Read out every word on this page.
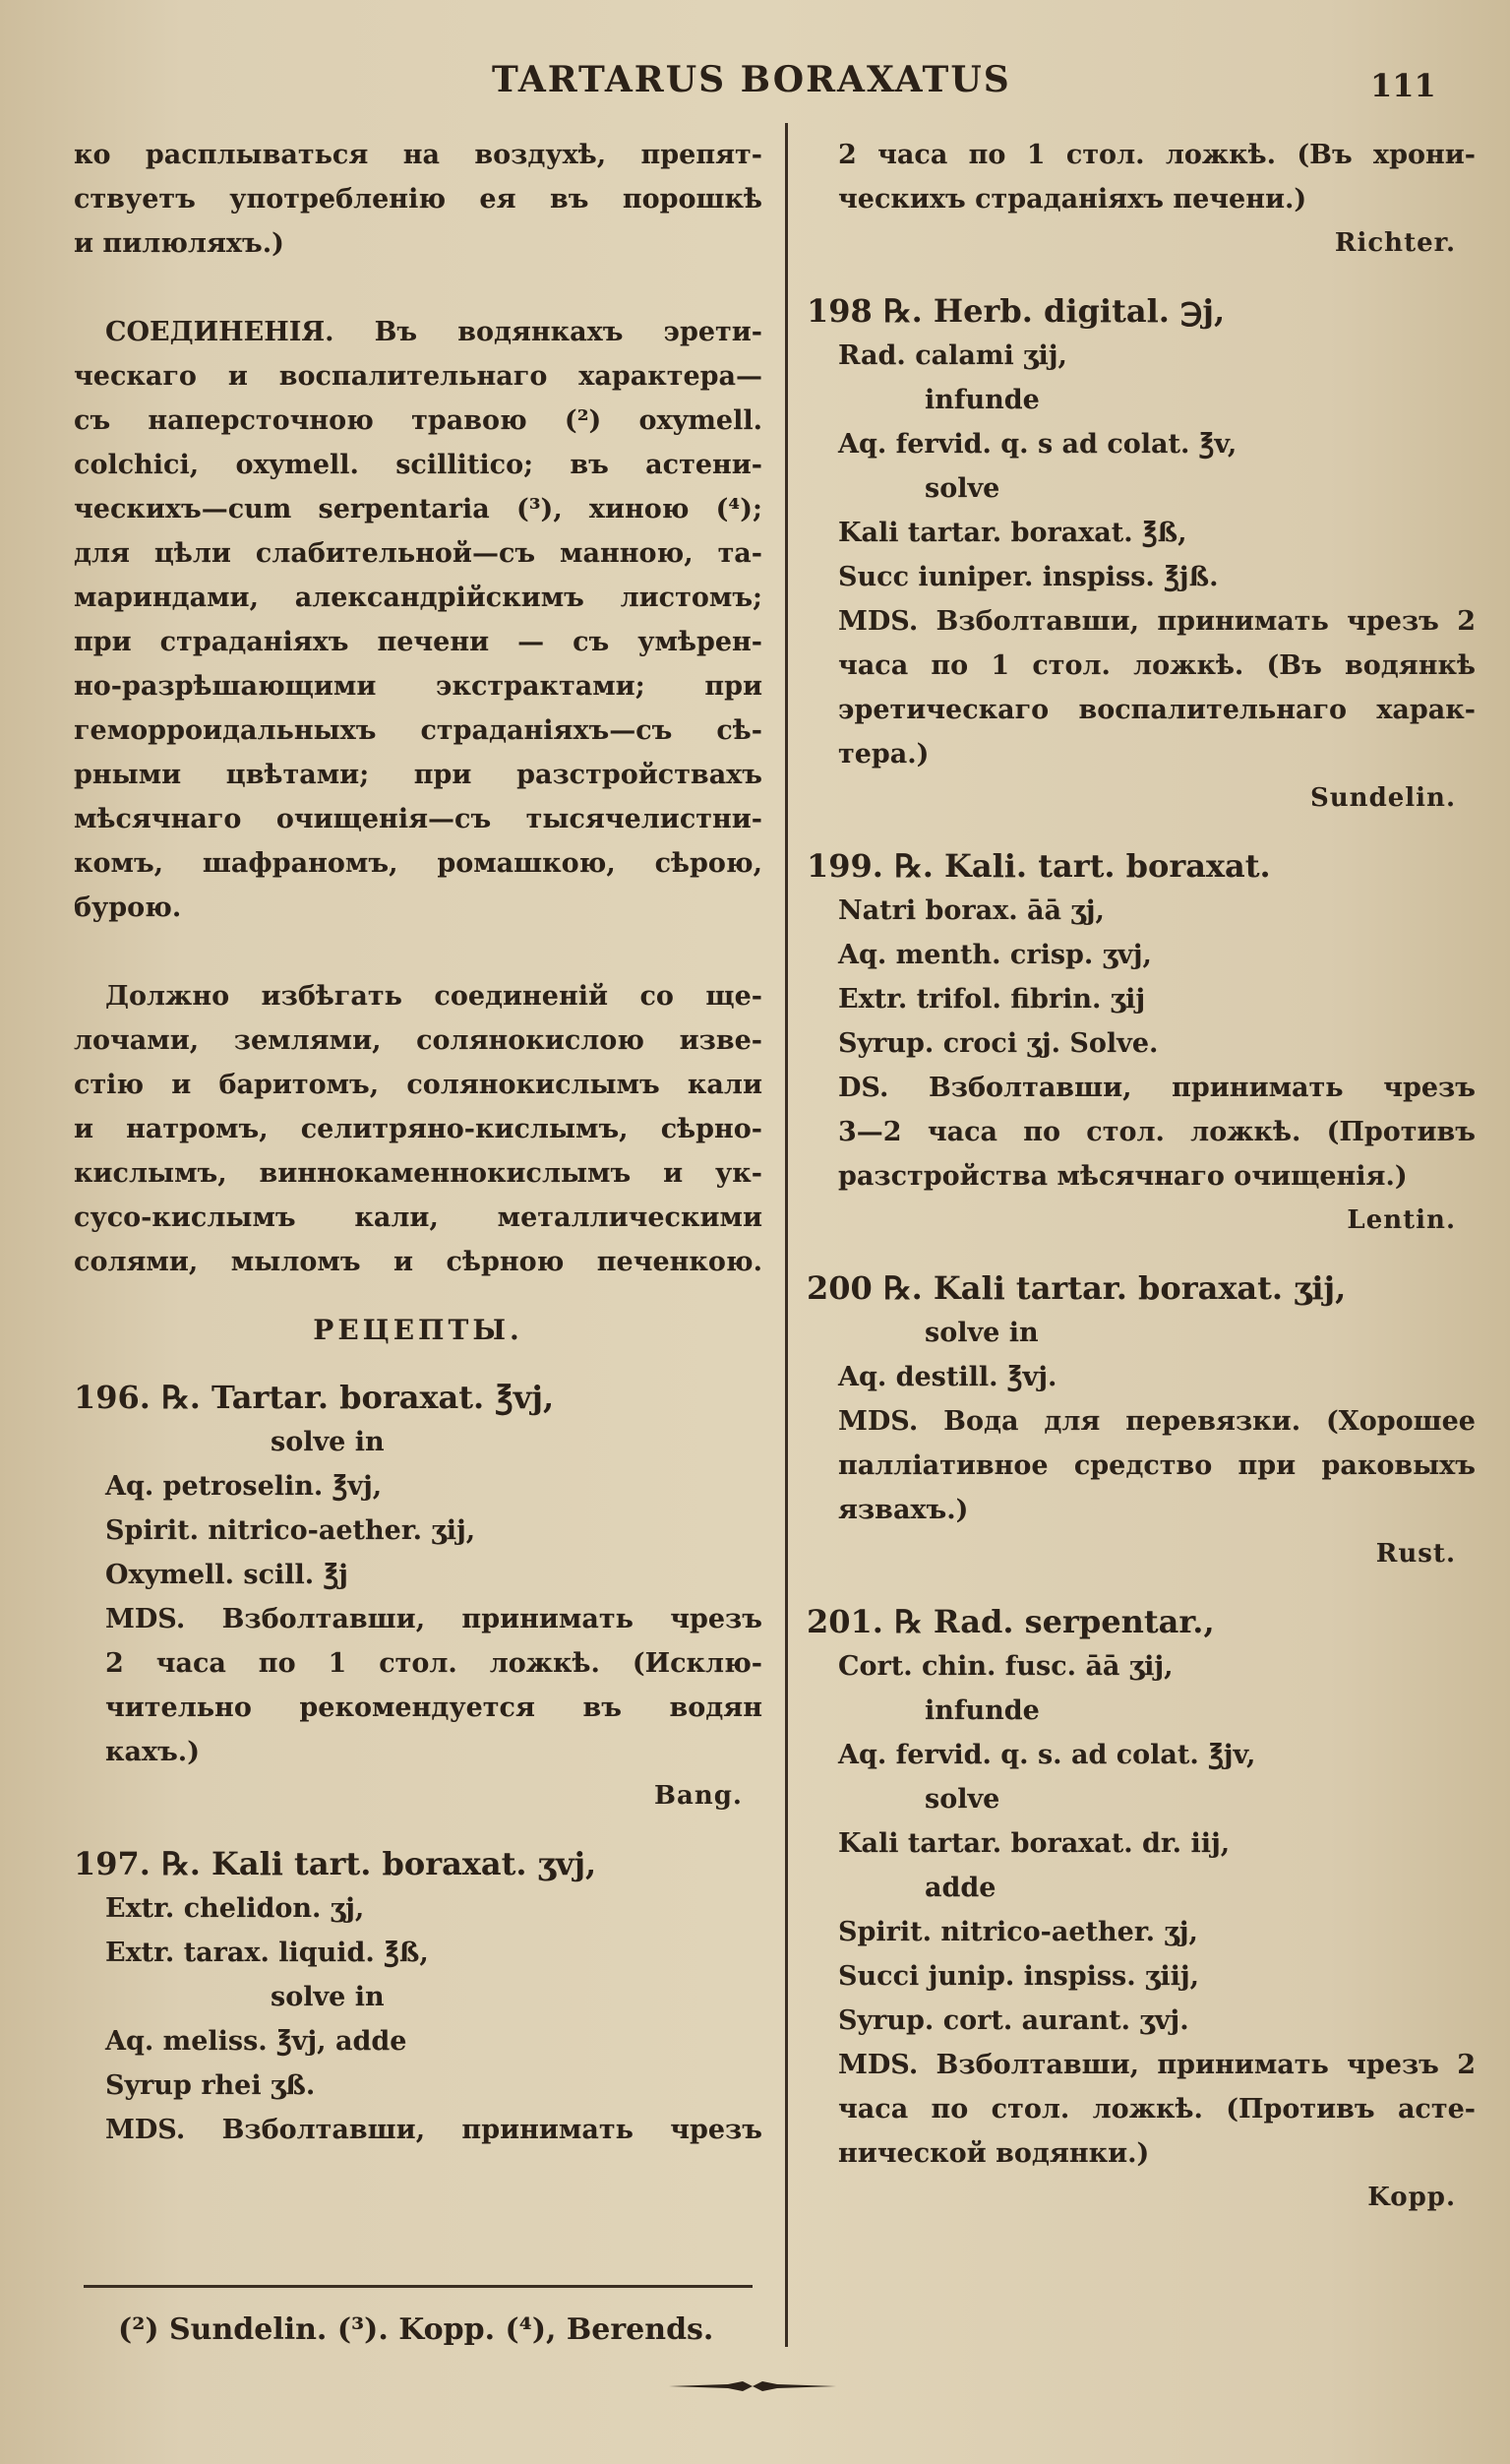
TARTARUS BORAXATUS	111
ко расплываться на воздухѣ, препят-
ствуетъ употребленію ея въ порошкѣ
и пилюляхъ.)
СОЕДИНЕНІЯ. Въ водянкахъ эрети-
ческаго и воспалительнаго характера—
съ наперсточною травою (²) oxymell.
colchici, oxymell. scillitico; въ астени-
ческихъ—cum serpentaria (³), хиною (⁴);
для цѣли слабительной—съ манною, та-
мариндами, александрійскимъ листомъ;
при страданіяхъ печени — съ умѣрен-
но-разрѣшающими экстрактами; при
геморроидальныхъ страданіяхъ—съ сѣ-
рными цвѣтами; при разстройствахъ
мѣсячнаго очищенія—съ тысячелистни-
комъ, шафраномъ, ромашкою, сѣрою,
бурою.
Должно избѣгать соединеній со ще-
лочами, землями, солянокислою изве-
стію и баритомъ, солянокислымъ кали
и натромъ, селитряно-кислымъ, сѣрно-
кислымъ, виннокаменнокислымъ и ук-
сусо-кислымъ кали, металлическими
солями, мыломъ и сѣрною печенкою.
РЕЦЕПТЫ.
196. ℞. Tartar. boraxat. ℥vj,
solve in
Aq. petroselin. ℥vj,
Spirit. nitrico-aether. ʒij,
Oxymell. scill. ℥j
MDS. Взболтавши, принимать чрезъ
2 часа по 1 стол. ложкѣ. (Исклю-
чительно рекомендуется въ водян
кахъ.)
Bang.
197. ℞. Kali tart. boraxat. ʒvj,
Extr. chelidon. ʒj,
Extr. tarax. liquid. ℥ß,
solve in
Aq. meliss. ℥vj, adde
Syrup rhei ʒß.
MDS. Взболтавши, принимать чрезъ
(²) Sundelin. (³). Kopp. (⁴), Berends.
2 часа по 1 стол. ложкѣ. (Въ хрони-
ческихъ страданіяхъ печени.)
Richter.
198 ℞. Herb. digital. ℈j,
Rad. calami ʒij,
infunde
Aq. fervid. q. s ad colat. ℥v,
solve
Kali tartar. boraxat. ℥ß,
Succ iuniper. inspiss. ℥jß.
MDS. Взболтавши, принимать чрезъ 2
часа по 1 стол. ложкѣ. (Въ водянкѣ
эретическаго воспалительнаго харак-
тера.)
Sundelin.
199. ℞. Kali. tart. boraxat.
Natri borax. āā ʒj,
Aq. menth. crisp. ʒvj,
Extr. trifol. fibrin. ʒij
Syrup. croci ʒj. Solve.
DS. Взболтавши, принимать чрезъ
3—2 часа по стол. ложкѣ. (Противъ
разстройства мѣсячнаго очищенія.)
Lentin.
200 ℞. Kali tartar. boraxat. ʒij,
solve in
Aq. destill. ℥vj.
MDS. Вода для перевязки. (Хорошее
паллiативное средство при раковыхъ
язвахъ.)
Rust.
201. ℞ Rad. serpentar.,
Cort. chin. fusc. āā ʒij,
infunde
Aq. fervid. q. s. ad colat. ℥jv,
solve
Kali tartar. boraxat. dr. iij,
adde
Spirit. nitrico-aether. ʒj,
Succi junip. inspiss. ʒiij,
Syrup. cort. aurant. ʒvj.
MDS. Взболтавши, принимать чрезъ 2
часа по стол. ложкѣ. (Противъ асте-
нической водянки.)
Kopp.
